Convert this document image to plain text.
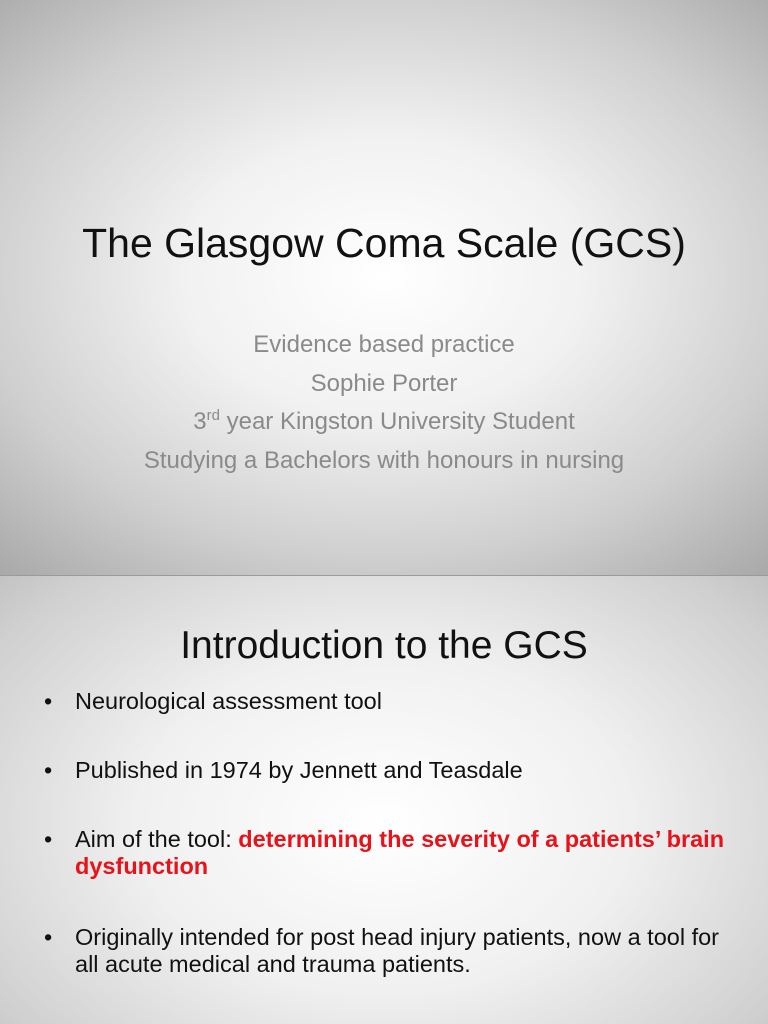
The Glasgow Coma Scale (GCS)
Evidence based practice
Sophie Porter
3rd year Kingston University Student
Studying a Bachelors with honours in nursing
Introduction to the GCS
• Neurological assessment tool
• Published in 1974 by Jennett and Teasdale
• Aim of the tool: determining the severity of a patients’ brain dysfunction
• Originally intended for post head injury patients, now a tool for all acute medical and trauma patients.
